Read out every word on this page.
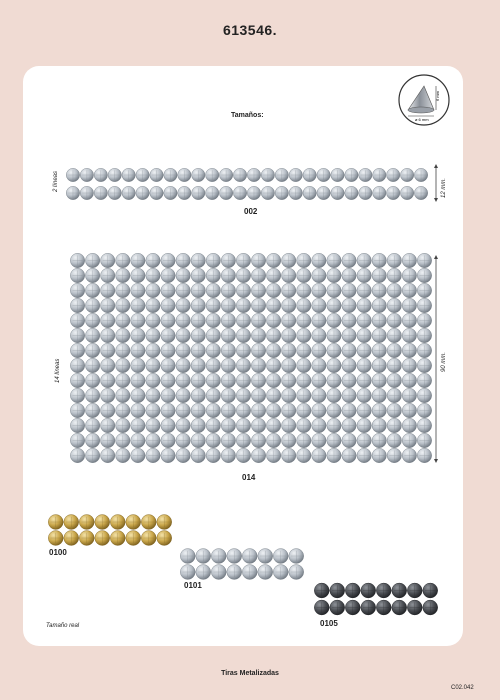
613546.
Tamaños:
6 mm
ø 6 mm
2 líneas	12 mm.
002
14 líneas	90 mm.
014
0100
0101
0105
Tamaño real
Tiras Metalizadas
C02.042
